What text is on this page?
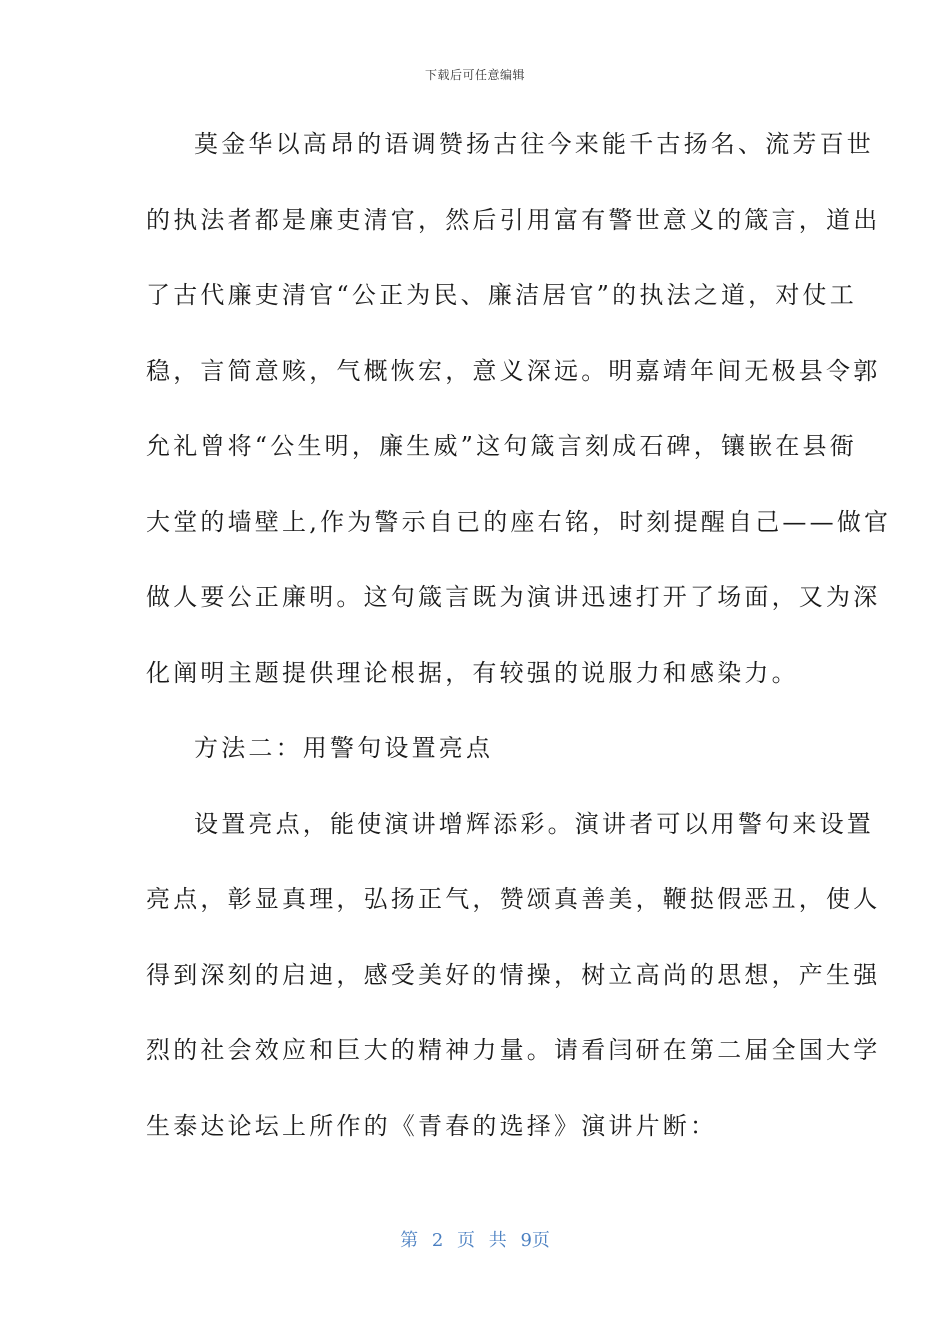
下载后可任意编辑
莫金华以高昂的语调赞扬古往今来能千古扬名、流芳百世
的执法者都是廉吏清官，然后引用富有警世意义的箴言，道出
了古代廉吏清官“公正为民、廉洁居官”的执法之道，对仗工
稳，言简意赅，气概恢宏，意义深远。明嘉靖年间无极县令郭
允礼曾将“公生明，廉生威”这句箴言刻成石碑，镶嵌在县衙
大堂的墙壁上,作为警示自已的座右铭，时刻提醒自己——做官
做人要公正廉明。这句箴言既为演讲迅速打开了场面，又为深
化阐明主题提供理论根据，有较强的说服力和感染力。
方法二：用警句设置亮点
设置亮点，能使演讲增辉添彩。演讲者可以用警句来设置
亮点，彰显真理，弘扬正气，赞颂真善美，鞭挞假恶丑，使人
得到深刻的启迪，感受美好的情操，树立高尚的思想，产生强
烈的社会效应和巨大的精神力量。请看闫研在第二届全国大学
生泰达论坛上所作的《青春的选择》演讲片断：
第 2 页 共 9页
